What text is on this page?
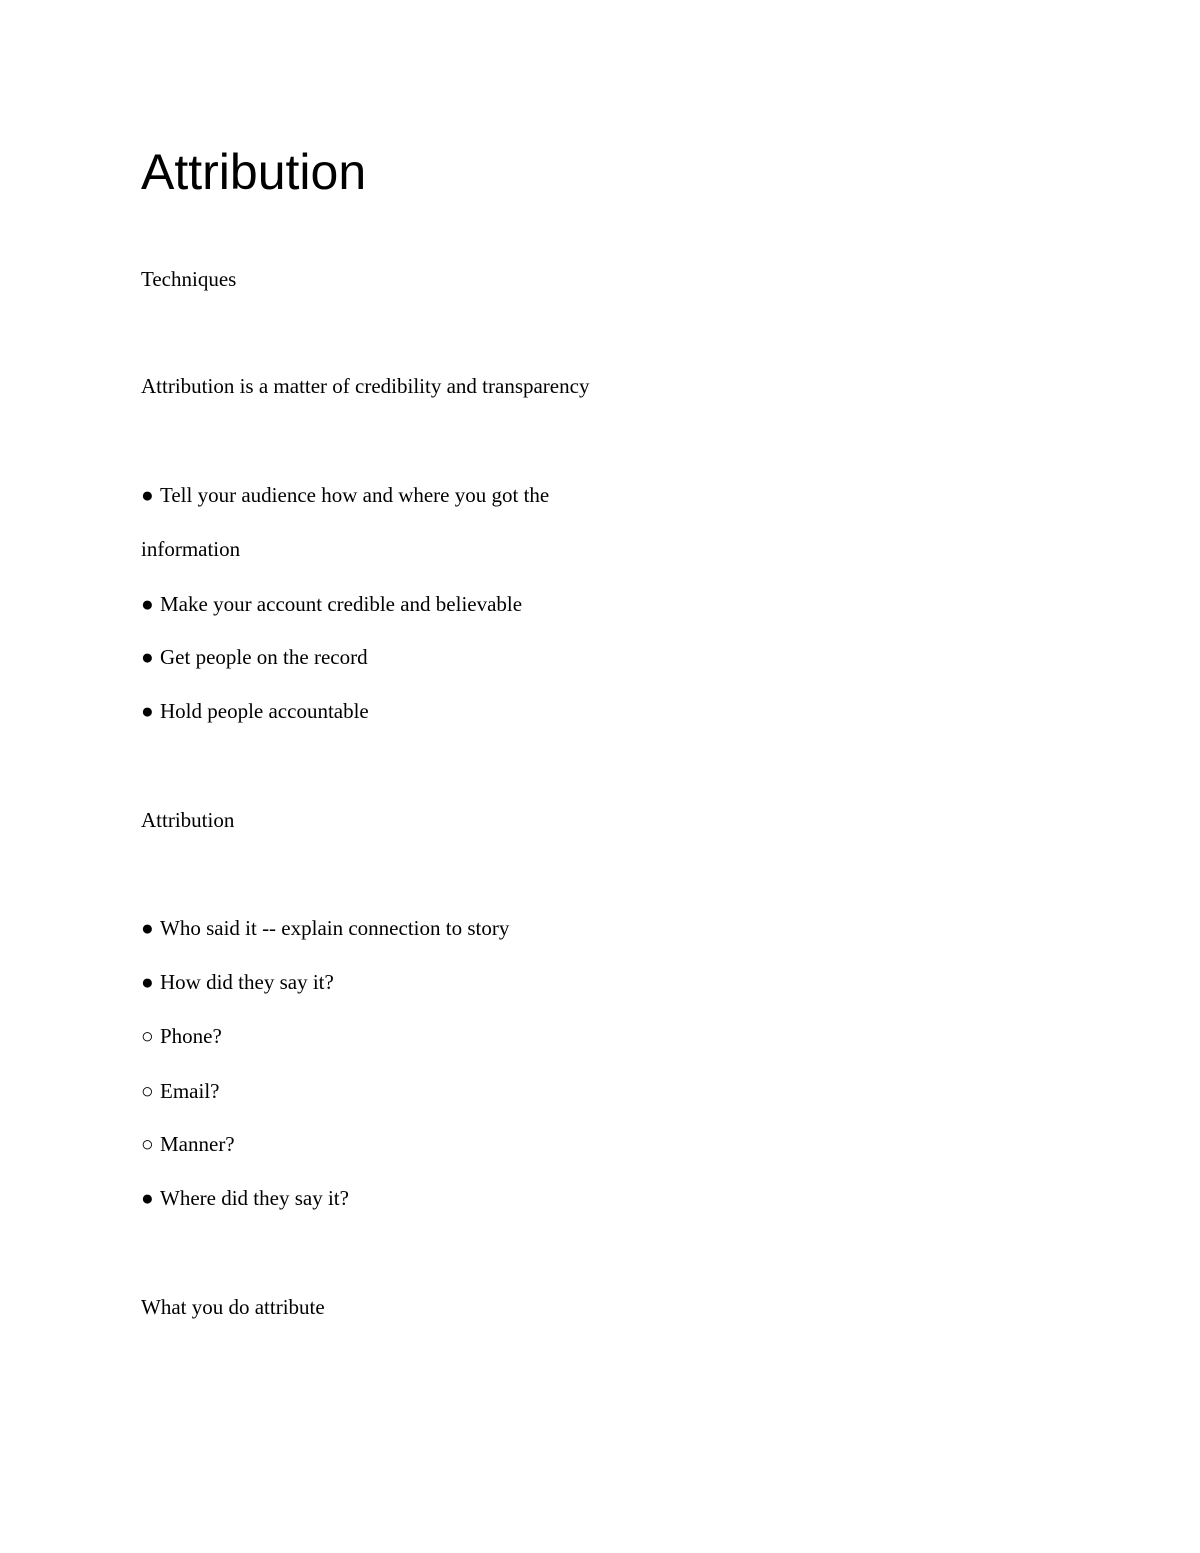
Attribution

Techniques

Attribution is a matter of credibility and transparency

● Tell your audience how and where you got the

information

● Make your account credible and believable

● Get people on the record

● Hold people accountable

Attribution

● Who said it -- explain connection to story

● How did they say it?

○ Phone?

○ Email?

○ Manner?

● Where did they say it?

What you do attribute
